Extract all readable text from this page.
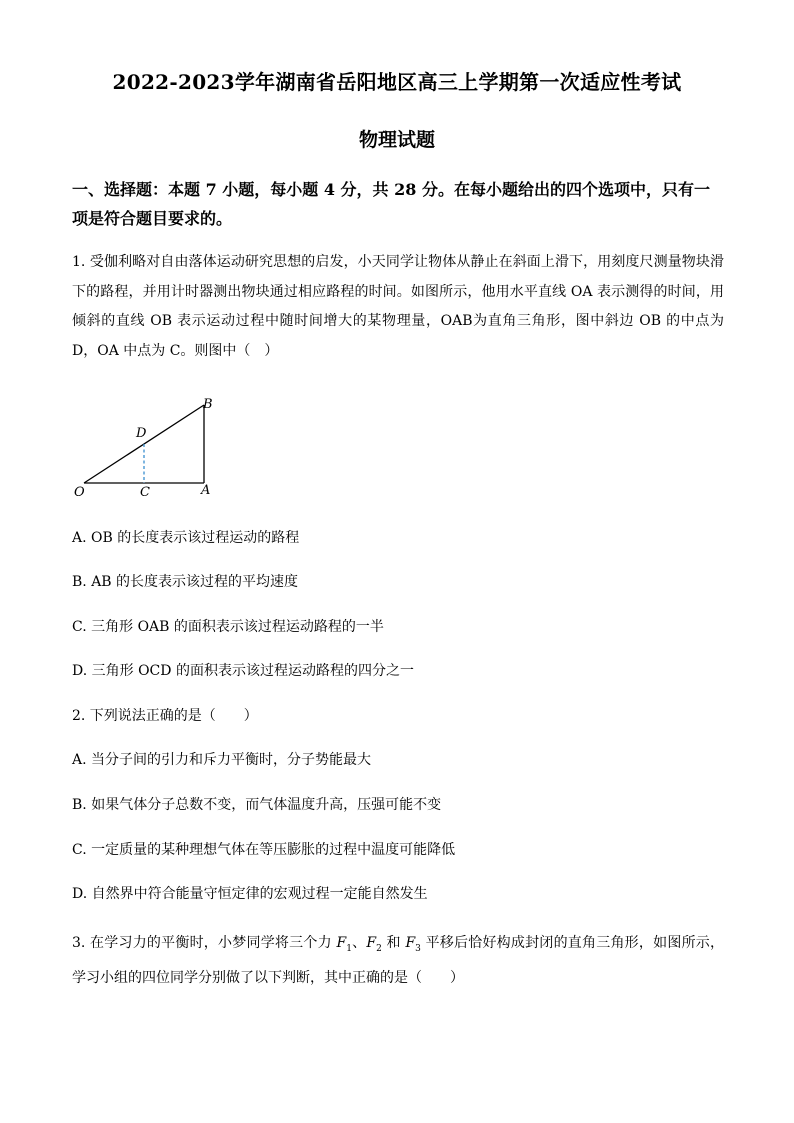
2022-2023学年湖南省岳阳地区高三上学期第一次适应性考试
物理试题
一、选择题：本题 7 小题，每小题 4 分，共 28 分。在每小题给出的四个选项中，只有一项是符合题目要求的。
1. 受伽利略对自由落体运动研究思想的启发，小天同学让物体从静止在斜面上滑下，用刻度尺测量物块滑下的路程，并用计时器测出物块通过相应路程的时间。如图所示，他用水平直线 OA 表示测得的时间，用倾斜的直线 OB 表示运动过程中随时间增大的某物理量，OAB为直角三角形，图中斜边 OB 的中点为 D，OA 中点为 C。则图中（　）
O	C	A
B
D
A. OB 的长度表示该过程运动的路程
B. AB 的长度表示该过程的平均速度
C. 三角形 OAB 的面积表示该过程运动路程的一半
D. 三角形 OCD 的面积表示该过程运动路程的四分之一
2. 下列说法正确的是（　　）
A. 当分子间的引力和斥力平衡时，分子势能最大
B. 如果气体分子总数不变，而气体温度升高，压强可能不变
C. 一定质量的某种理想气体在等压膨胀的过程中温度可能降低
D. 自然界中符合能量守恒定律的宏观过程一定能自然发生
3. 在学习力的平衡时，小梦同学将三个力 $F_1$、$F_2$ 和 $F_3$ 平移后恰好构成封闭的直角三角形，如图所示，学习小组的四位同学分别做了以下判断，其中正确的是（　　）
